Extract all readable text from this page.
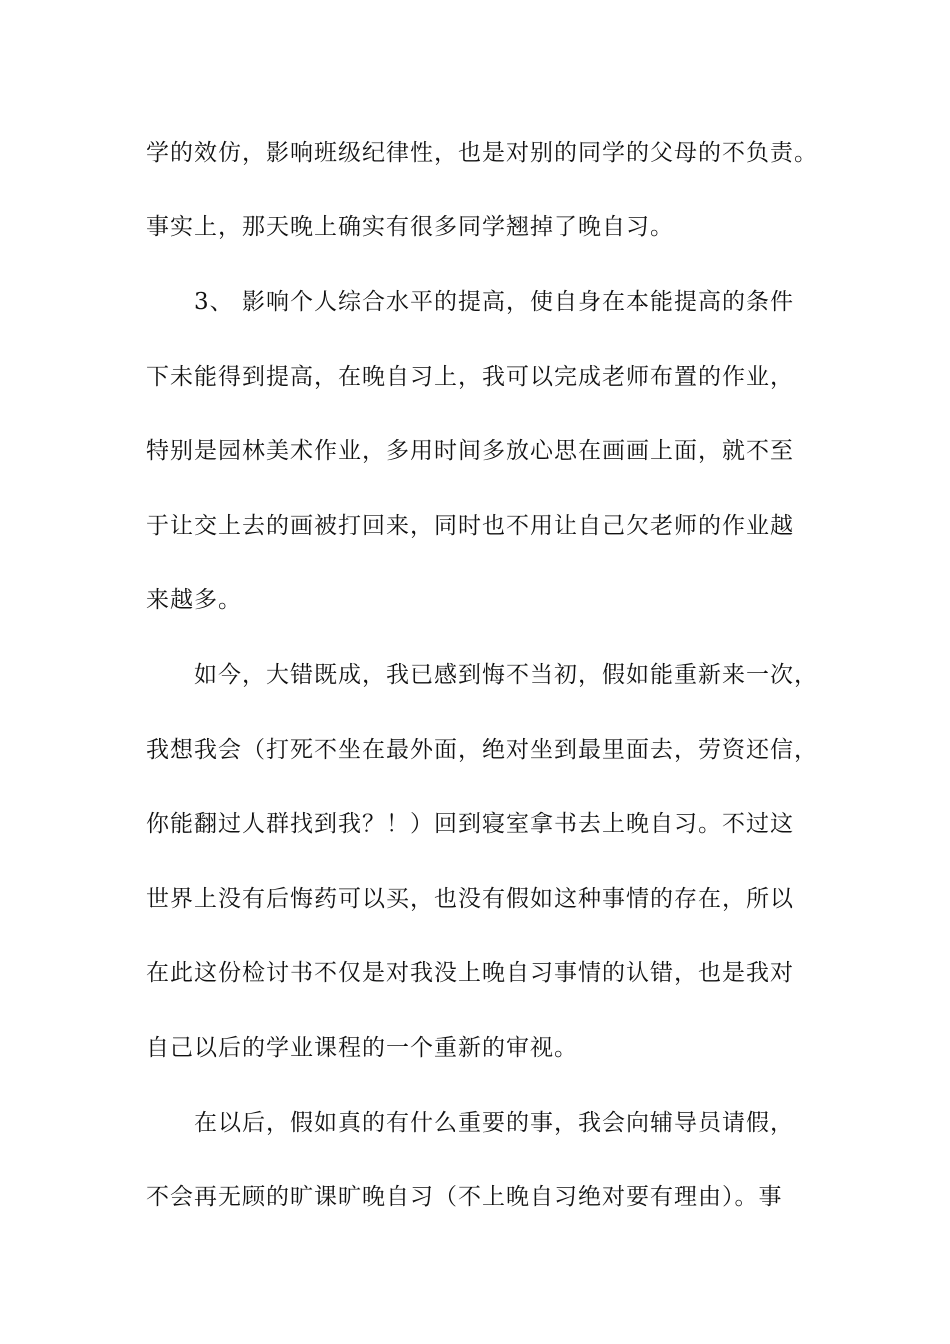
学的效仿，影响班级纪律性，也是对别的同学的父母的不负责。
事实上，那天晚上确实有很多同学翘掉了晚自习。
3、 影响个人综合水平的提高，使自身在本能提高的条件
下未能得到提高，在晚自习上，我可以完成老师布置的作业，
特别是园林美术作业，多用时间多放心思在画画上面，就不至
于让交上去的画被打回来，同时也不用让自己欠老师的作业越
来越多。
如今，大错既成，我已感到悔不当初，假如能重新来一次，
我想我会（打死不坐在最外面，绝对坐到最里面去，劳资还信，
你能翻过人群找到我？！）回到寝室拿书去上晚自习。不过这
世界上没有后悔药可以买，也没有假如这种事情的存在，所以
在此这份检讨书不仅是对我没上晚自习事情的认错，也是我对
自己以后的学业课程的一个重新的审视。
在以后，假如真的有什么重要的事，我会向辅导员请假，
不会再无顾的旷课旷晚自习（不上晚自习绝对要有理由）。事
